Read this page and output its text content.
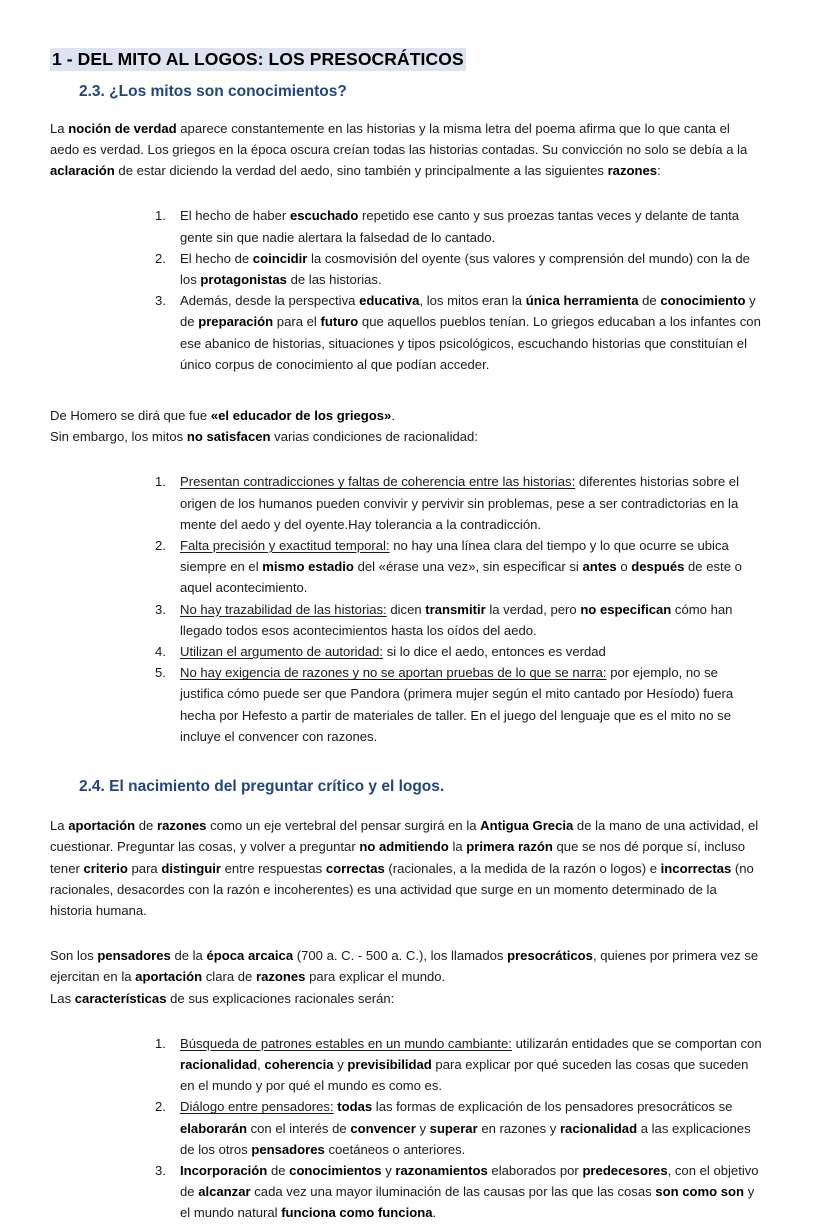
1 - DEL MITO AL LOGOS: LOS PRESOCRÁTICOS
2.3. ¿Los mitos son conocimientos?

La noción de verdad aparece constantemente en las historias y la misma letra del poema afirma que lo que canta el aedo es verdad. Los griegos en la época oscura creían todas las historias contadas. Su convicción no solo se debía a la aclaración de estar diciendo la verdad del aedo, sino también y principalmente a las siguientes razones:

El hecho de haber escuchado repetido ese canto y sus proezas tantas veces y delante de tanta gente sin que nadie alertara la falsedad de lo cantado.
El hecho de coincidir la cosmovisión del oyente (sus valores y comprensión del mundo) con la de los protagonistas de las historias.
Además, desde la perspectiva educativa, los mitos eran la única herramienta de conocimiento y de preparación para el futuro que aquellos pueblos tenían. Lo griegos educaban a los infantes con ese abanico de historias, situaciones y tipos psicológicos, escuchando historias que constituían el único corpus de conocimiento al que podían acceder.

De Homero se dirá que fue «el educador de los griegos».

Sin embargo, los mitos no satisfacen varias condiciones de racionalidad:

Presentan contradicciones y faltas de coherencia entre las historias: diferentes historias sobre el origen de los humanos pueden convivir y pervivir sin problemas, pese a ser contradictorias en la mente del aedo y del oyente.Hay tolerancia a la contradicción.
Falta precisión y exactitud temporal: no hay una línea clara del tiempo y lo que ocurre se ubica siempre en el mismo estadio del «érase una vez», sin especificar si antes o después de este o aquel acontecimiento.
No hay trazabilidad de las historias: dicen transmitir la verdad, pero no especifican cómo han llegado todos esos acontecimientos hasta los oídos del aedo.
Utilizan el argumento de autoridad: si lo dice el aedo, entonces es verdad
No hay exigencia de razones y no se aportan pruebas de lo que se narra: por ejemplo, no se justifica cómo puede ser que Pandora (primera mujer según el mito cantado por Hesíodo) fuera hecha por Hefesto a partir de materiales de taller. En el juego del lenguaje que es el mito no se incluye el convencer con razones.
2.4. El nacimiento del preguntar crítico y el logos.

La aportación de razones como un eje vertebral del pensar surgirá en la Antigua Grecia de la mano de una actividad, el cuestionar. Preguntar las cosas, y volver a preguntar no admitiendo la primera razón que se nos dé porque sí, incluso tener criterio para distinguir entre respuestas correctas (racionales, a la medida de la razón o logos) e incorrectas (no racionales, desacordes con la razón e incoherentes) es una actividad que surge en un momento determinado de la historia humana.

Son los pensadores de la época arcaica (700 a. C. - 500 a. C.), los llamados presocráticos, quienes por primera vez se ejercitan en la aportación clara de razones para explicar el mundo.

Las características de sus explicaciones racionales serán:

Búsqueda de patrones estables en un mundo cambiante: utilizarán entidades que se comportan con racionalidad, coherencia y previsibilidad para explicar por qué suceden las cosas que suceden en el mundo y por qué el mundo es como es.
Diálogo entre pensadores: todas las formas de explicación de los pensadores presocráticos se elaborarán con el interés de convencer y superar en razones y racionalidad a las explicaciones de los otros pensadores coetáneos o anteriores.
Incorporación de conocimientos y razonamientos elaborados por predecesores, con el objetivo de alcanzar cada vez una mayor iluminación de las causas por las que las cosas son como son y el mundo natural funciona como funciona.
